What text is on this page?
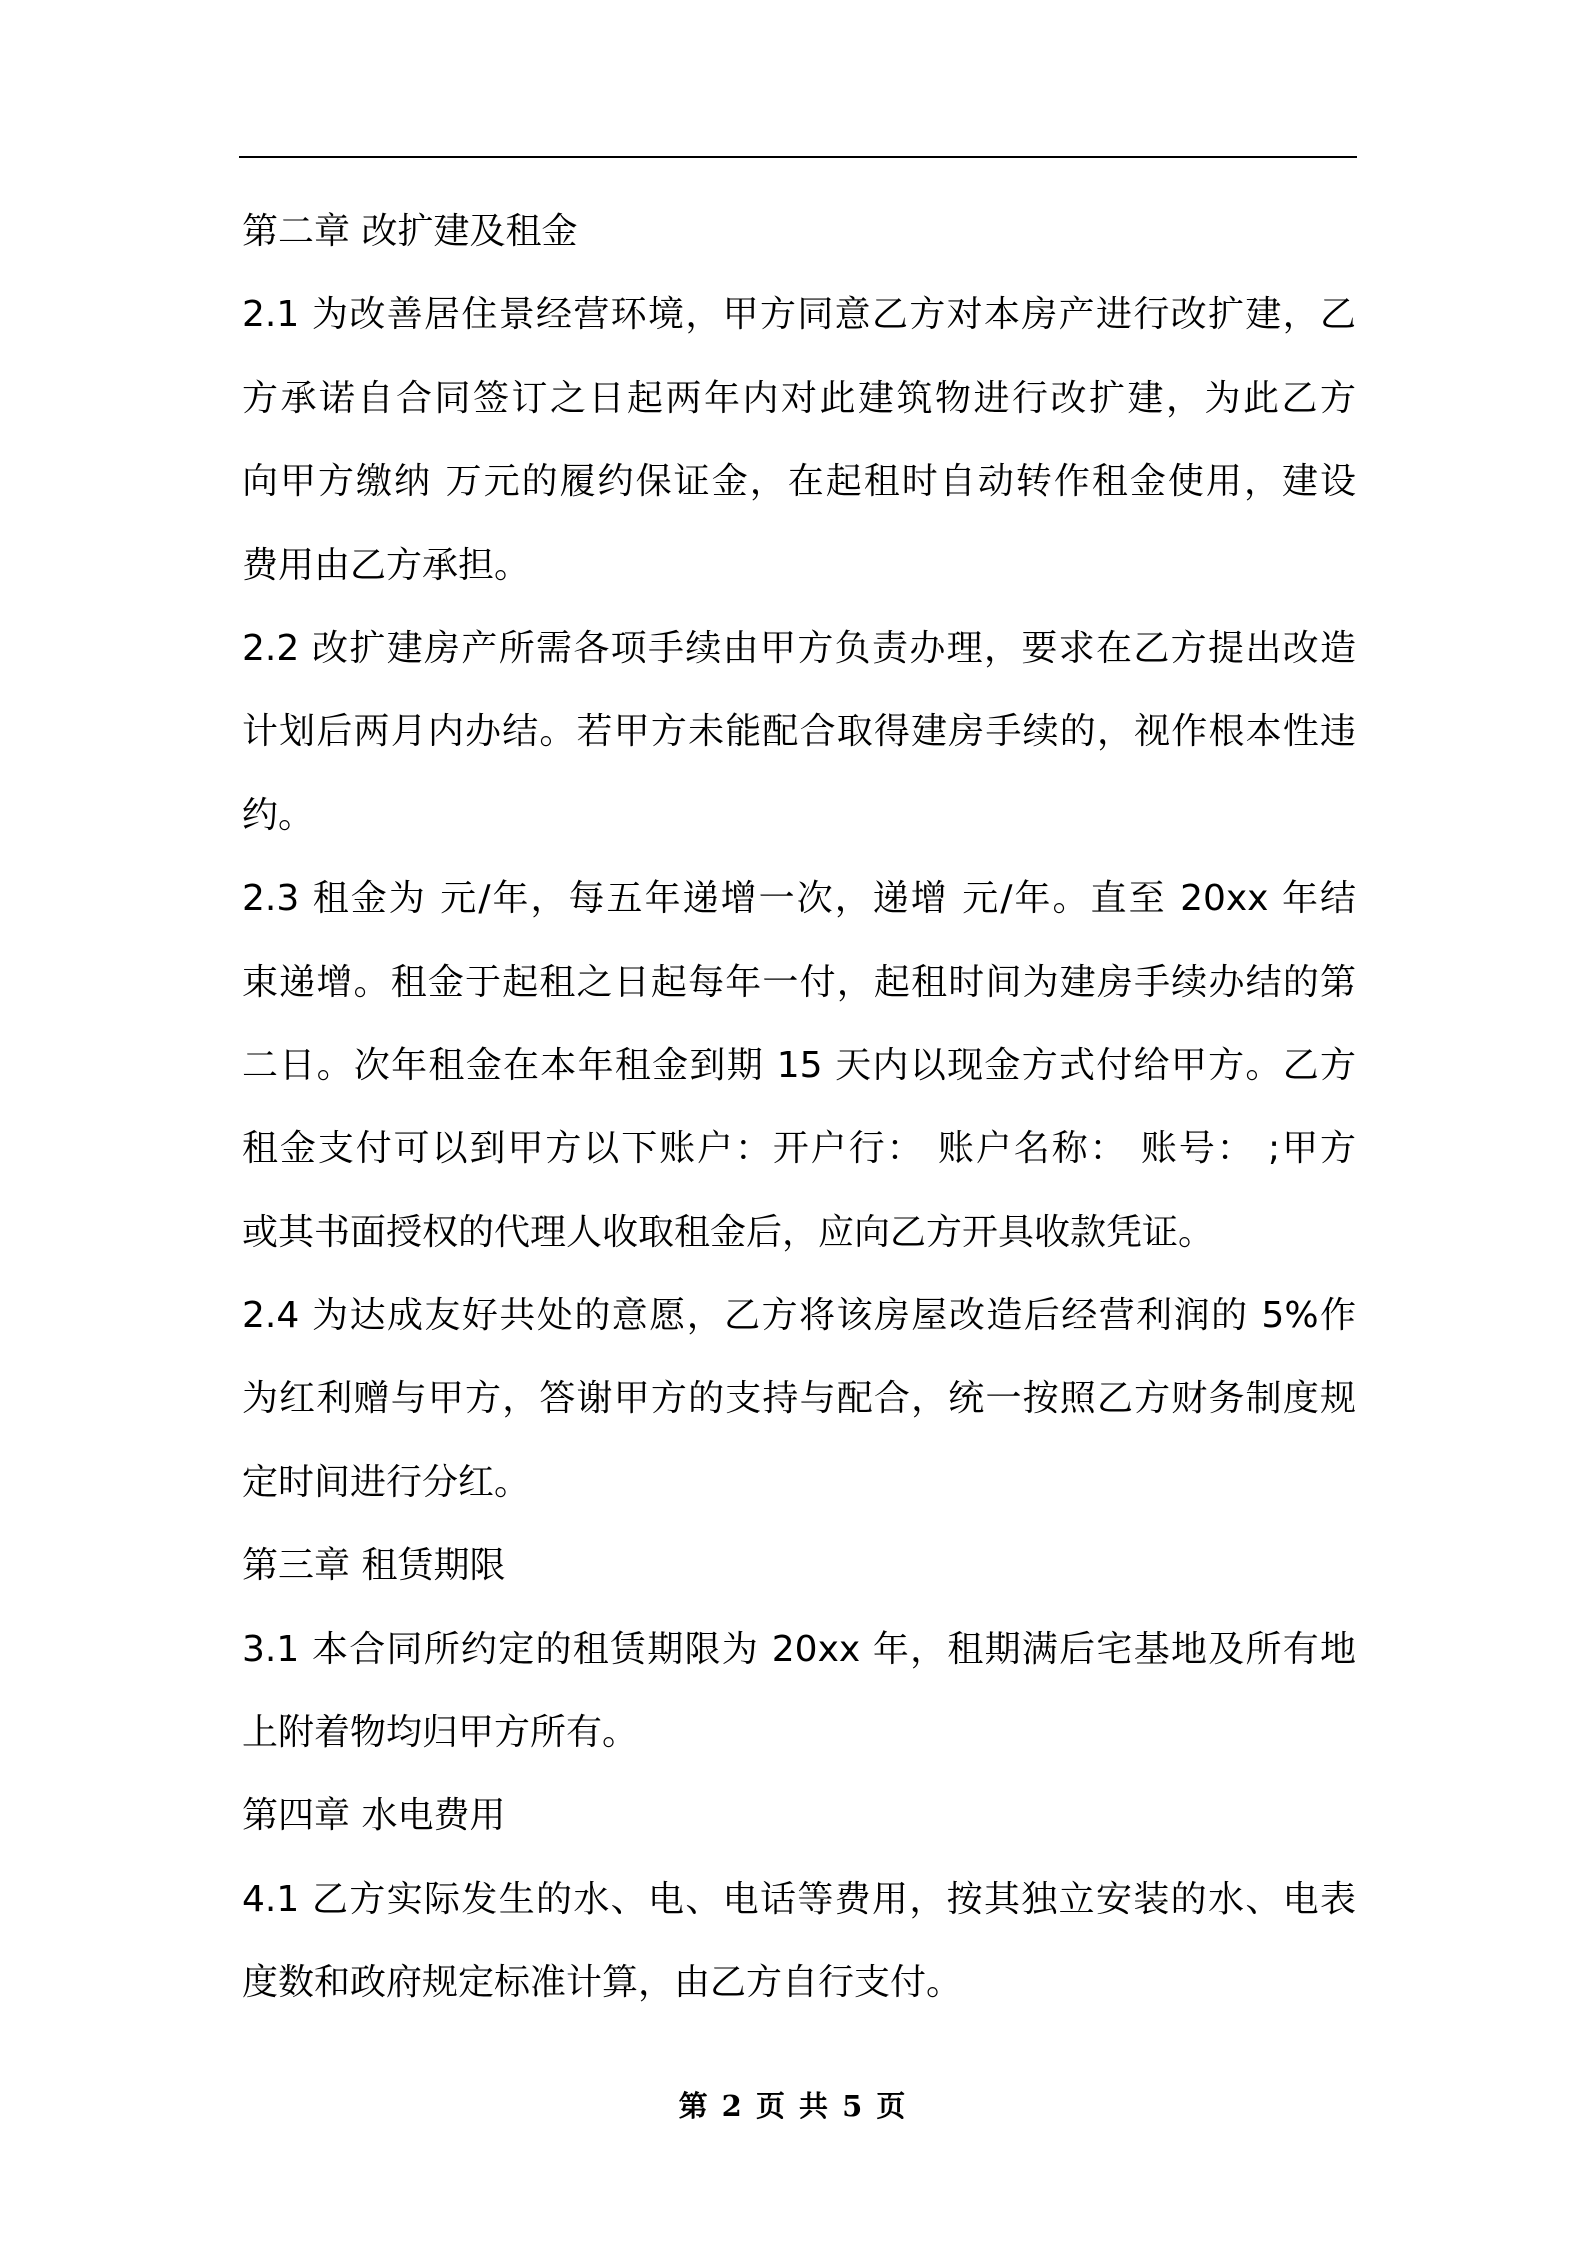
第二章 改扩建及租金
2.1 为改善居住景经营环境，甲方同意乙方对本房产进行改扩建，乙
方承诺自合同签订之日起两年内对此建筑物进行改扩建，为此乙方
向甲方缴纳 万元的履约保证金，在起租时自动转作租金使用，建设
费用由乙方承担。
2.2 改扩建房产所需各项手续由甲方负责办理，要求在乙方提出改造
计划后两月内办结。若甲方未能配合取得建房手续的，视作根本性违
约。
2.3 租金为 元/年，每五年递增一次，递增 元/年。直至 20xx 年结
束递增。租金于起租之日起每年一付，起租时间为建房手续办结的第
二日。次年租金在本年租金到期 15 天内以现金方式付给甲方。乙方
租金支付可以到甲方以下账户：开户行： 账户名称： 账号： ;甲方
或其书面授权的代理人收取租金后，应向乙方开具收款凭证。
2.4 为达成友好共处的意愿，乙方将该房屋改造后经营利润的 5%作
为红利赠与甲方，答谢甲方的支持与配合，统一按照乙方财务制度规
定时间进行分红。
第三章 租赁期限
3.1 本合同所约定的租赁期限为 20xx 年，租期满后宅基地及所有地
上附着物均归甲方所有。
第四章 水电费用
4.1 乙方实际发生的水、电、电话等费用，按其独立安装的水、电表
度数和政府规定标准计算，由乙方自行支付。
第 2 页 共 5 页
